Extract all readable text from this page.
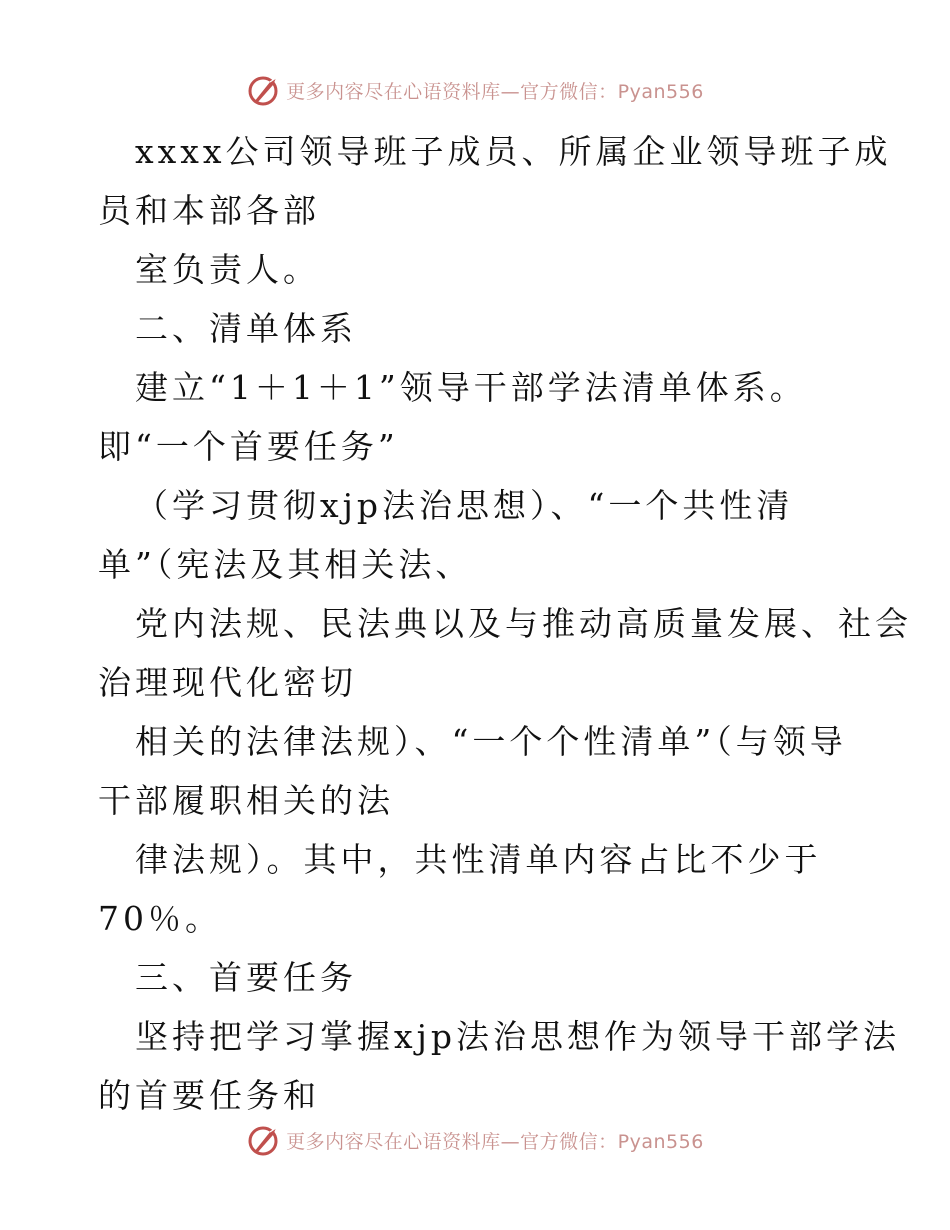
更多内容尽在心语资料库—官方微信：Pyan556
xxxx公司领导班子成员、所属企业领导班子成
员和本部各部
室负责人。
二、清单体系
建立“1＋1＋1”领导干部学法清单体系。
即“一个首要任务”
（学习贯彻xjp法治思想）、“一个共性清
单”（宪法及其相关法、
党内法规、民法典以及与推动高质量发展、社会
治理现代化密切
相关的法律法规）、“一个个性清单”（与领导
干部履职相关的法
律法规）。其中，共性清单内容占比不少于
70％。
三、首要任务
坚持把学习掌握xjp法治思想作为领导干部学法
的首要任务和
更多内容尽在心语资料库—官方微信：Pyan556
